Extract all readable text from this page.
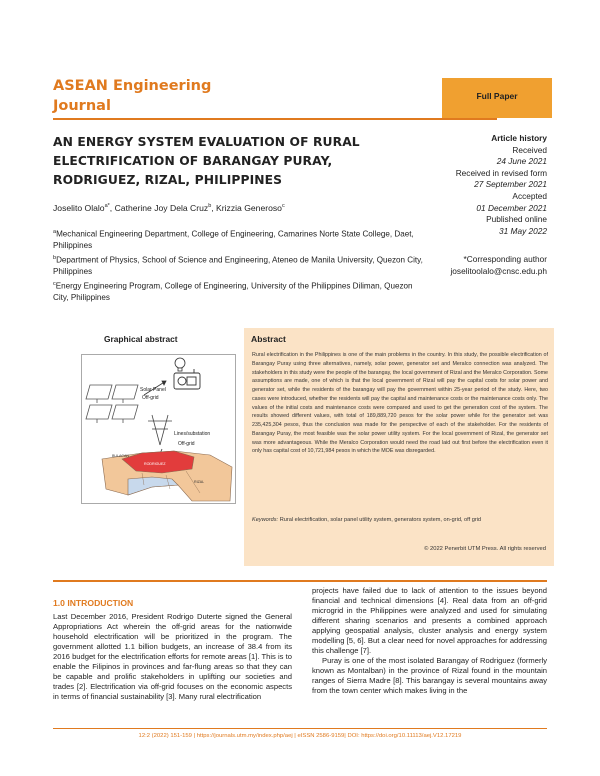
ASEAN Engineering
Journal
Full Paper
AN ENERGY SYSTEM EVALUATION OF RURAL ELECTRIFICATION OF BARANGAY PURAY, RODRIGUEZ, RIZAL, PHILIPPINES
Joselito Olalo$^{a*}$, Catherine Joy Dela Cruz$^b$, Krizzia Generoso$^c$
$^a$Mechanical Engineering Department, College of Engineering, Camarines Norte State College, Daet, Philippines
$^b$Department of Physics, School of Science and Engineering, Ateneo de Manila University, Quezon City, Philippines
$^c$Energy Engineering Program, College of Engineering, University of the Philippines Diliman, Quezon City, Philippines
Article history
Received
24 June 2021
Received in revised form
27 September 2021
Accepted
01 December 2021
Published online
31 May 2022
*Corresponding author
joselitoolalo@cnsc.edu.ph
Graphical abstract
Solar Panel
Off-grid
Lines/substation
Off-grid
BULACAN
RODRIGUEZ
RIZAL
Abstract
Rural electrification in the Philippines is one of the main problems in the country. In this study, the possible electrification of Barangay Puray using three alternatives, namely, solar power, generator set and Meralco connection was analyzed. The stakeholders in this study were the people of the barangay, the local government of Rizal and the Meralco Corporation. Some assumptions are made, one of which is that the local government of Rizal will pay the capital costs for solar power and generator set, while the residents of the barangay will pay the government within 25-year period of the study. Here, two cases were introduced, whether the residents will pay the capital and maintenance costs or the maintenance costs only. The values of the initial costs and maintenance costs were compared and used to get the generation cost of the system. The results showed different values, with total of 189,889,720 pesos for the solar power while for the generator set was 235,425,304 pesos, thus the conclusion was made for the perspective of each of the stakeholder. For the residents of Barangay Puray, the most feasible was the solar power utility system. For the local government of Rizal, the generator set was more advantageous. While the Meralco Corporation would need the road laid out first before the electrification even it only has capital cost of 10,721,984 pesos in which the MOE was disregarded.
Keywords: Rural electrification, solar panel utility system, generators system, on-grid, off grid
© 2022 Penerbit UTM Press. All rights reserved
1.0 INTRODUCTION

Last December 2016, President Rodrigo Duterte signed the General Appropriations Act wherein the off-grid areas for the nationwide household electrification will be prioritized in the program. The government allotted 1.1 billion budgets, an increase of 38.4 from its 2016 budget for the electrification efforts for remote areas [1]. This is to enable the Filipinos in provinces and far-flung areas so that they can be capable and prolific stakeholders in uplifting our societies and trades [2]. Electrification via off-grid focuses on the economic aspects in terms of financial sustainability [3]. Many rural electrification

projects have failed due to lack of attention to the issues beyond financial and technical dimensions [4]. Real data from an off-grid microgrid in the Philippines were analyzed and used for simulating different sharing scenarios and presents a combined approach applying geospatial analysis, cluster analysis and energy system modelling [5, 6]. But a clear need for novel approaches for addressing this challenge [7].

Puray is one of the most isolated Barangay of Rodriguez (formerly known as Montalban) in the province of Rizal found in the mountain ranges of Sierra Madre [8]. This barangay is several mountains away from the town center which makes living in the

12:2 (2022) 151-159 | https://journals.utm.my/index.php/aej | eISSN 2586-9159| DOI: https://doi.org/10.11113/aej.V12.17219
